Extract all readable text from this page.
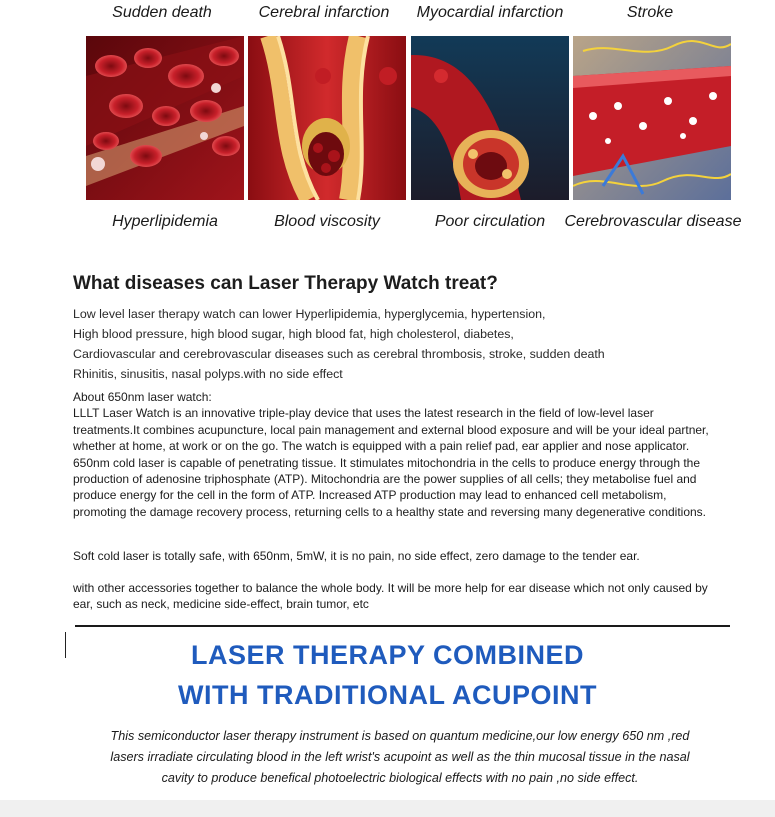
Sudden death	Cerebral infarction	Myocardial infarction	Stroke
Hyperlipidemia	Blood viscosity	Poor circulation	Cerebrovascular disease
What diseases can Laser Therapy Watch treat?
Low level laser therapy watch can lower Hyperlipidemia, hyperglycemia, hypertension,
High blood pressure, high blood sugar, high blood fat, high cholesterol, diabetes,
Cardiovascular and cerebrovascular diseases such as cerebral thrombosis, stroke, sudden death
Rhinitis, sinusitis, nasal polyps.with no side effect

About 650nm laser watch:

LLLT Laser Watch is an innovative triple-play device that uses the latest research in the field of low-level laser treatments.It combines acupuncture, local pain management and external blood exposure and will be your ideal partner, whether at home, at work or on the go. The watch is equipped with a pain relief pad, ear applier and nose applicator. 650nm cold laser is capable of penetrating tissue. It stimulates mitochondria in the cells to produce energy through the production of adenosine triphosphate (ATP). Mitochondria are the power supplies of all cells; they metabolise fuel and produce energy for the cell in the form of ATP. Increased ATP production may lead to enhanced cell metabolism, promoting the damage recovery process, returning cells to a healthy state and reversing many degenerative conditions.

Soft cold laser is totally safe, with 650nm, 5mW, it is no pain, no side effect, zero damage to the tender ear.
with other accessories together to balance the whole body. It will be more help for ear disease which not only caused by ear, such as neck, medicine side-effect, brain tumor, etc
LASER THERAPY COMBINED
WITH TRADITIONAL ACUPOINT
This semiconductor laser therapy instrument is based on quantum medicine,our low energy 650 nm ,red
lasers irradiate circulating blood in the left wrist's acupoint as well as the thin mucosal tissue in the nasal
cavity to produce benefical photoelectric biological effects with no pain ,no side effect.
